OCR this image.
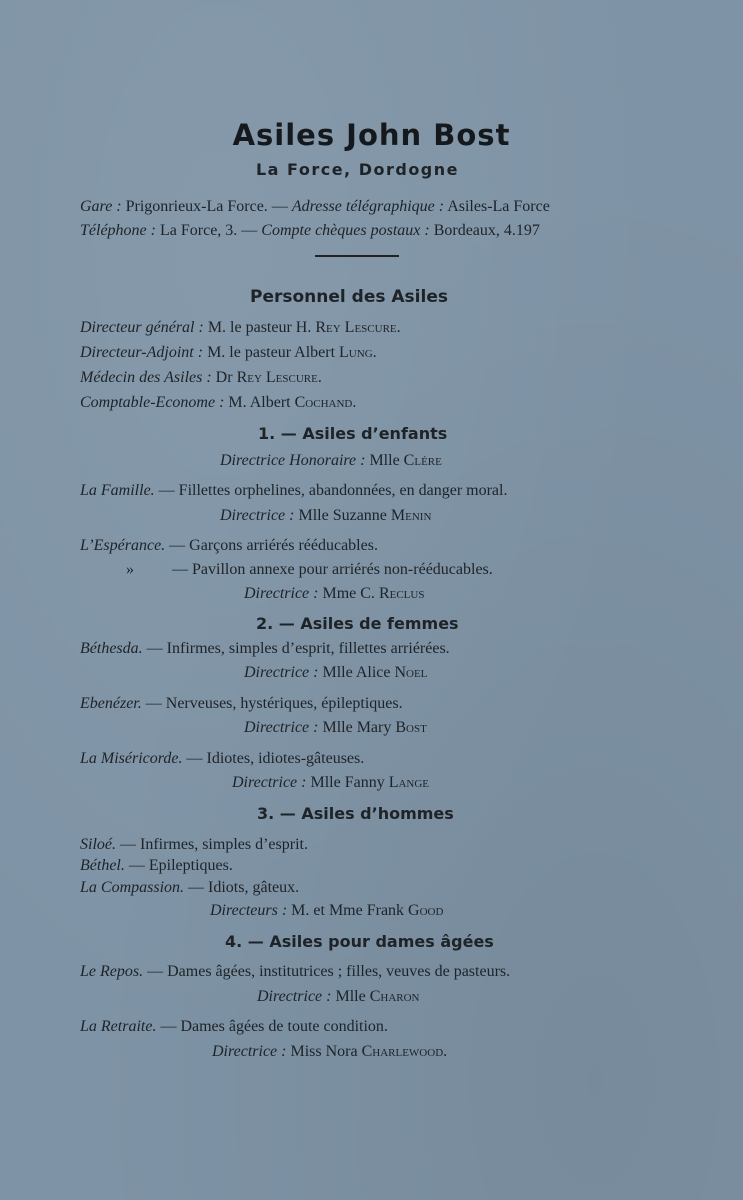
Asiles John Bost
La Force, Dordogne
Gare : Prigonrieux-La Force. — Adresse télégraphique : Asiles-La Force
Téléphone : La Force, 3. — Compte chèques postaux : Bordeaux, 4.197
Personnel des Asiles
Directeur général : M. le pasteur H. Rey Lescure.
Directeur-Adjoint : M. le pasteur Albert Lung.
Médecin des Asiles : Dr Rey Lescure.
Comptable-Econome : M. Albert Cochand.
1. — Asiles d’enfants
Directrice Honoraire : Mlle Clére
La Famille. — Fillettes orphelines, abandonnées, en danger moral.
Directrice : Mlle Suzanne Menin
L’Espérance. — Garçons arriérés rééducables.
» — Pavillon annexe pour arriérés non-rééducables.
Directrice : Mme C. Reclus
2. — Asiles de femmes
Béthesda. — Infirmes, simples d’esprit, fillettes arriérées.
Directrice : Mlle Alice Noel
Ebenézer. — Nerveuses, hystériques, épileptiques.
Directrice : Mlle Mary Bost
La Miséricorde. — Idiotes, idiotes-gâteuses.
Directrice : Mlle Fanny Lange
3. — Asiles d’hommes
Siloé. — Infirmes, simples d’esprit.
Béthel. — Epileptiques.
La Compassion. — Idiots, gâteux.
Directeurs : M. et Mme Frank Good
4. — Asiles pour dames âgées
Le Repos. — Dames âgées, institutrices ; filles, veuves de pasteurs.
Directrice : Mlle Charon
La Retraite. — Dames âgées de toute condition.
Directrice : Miss Nora Charlewood.
